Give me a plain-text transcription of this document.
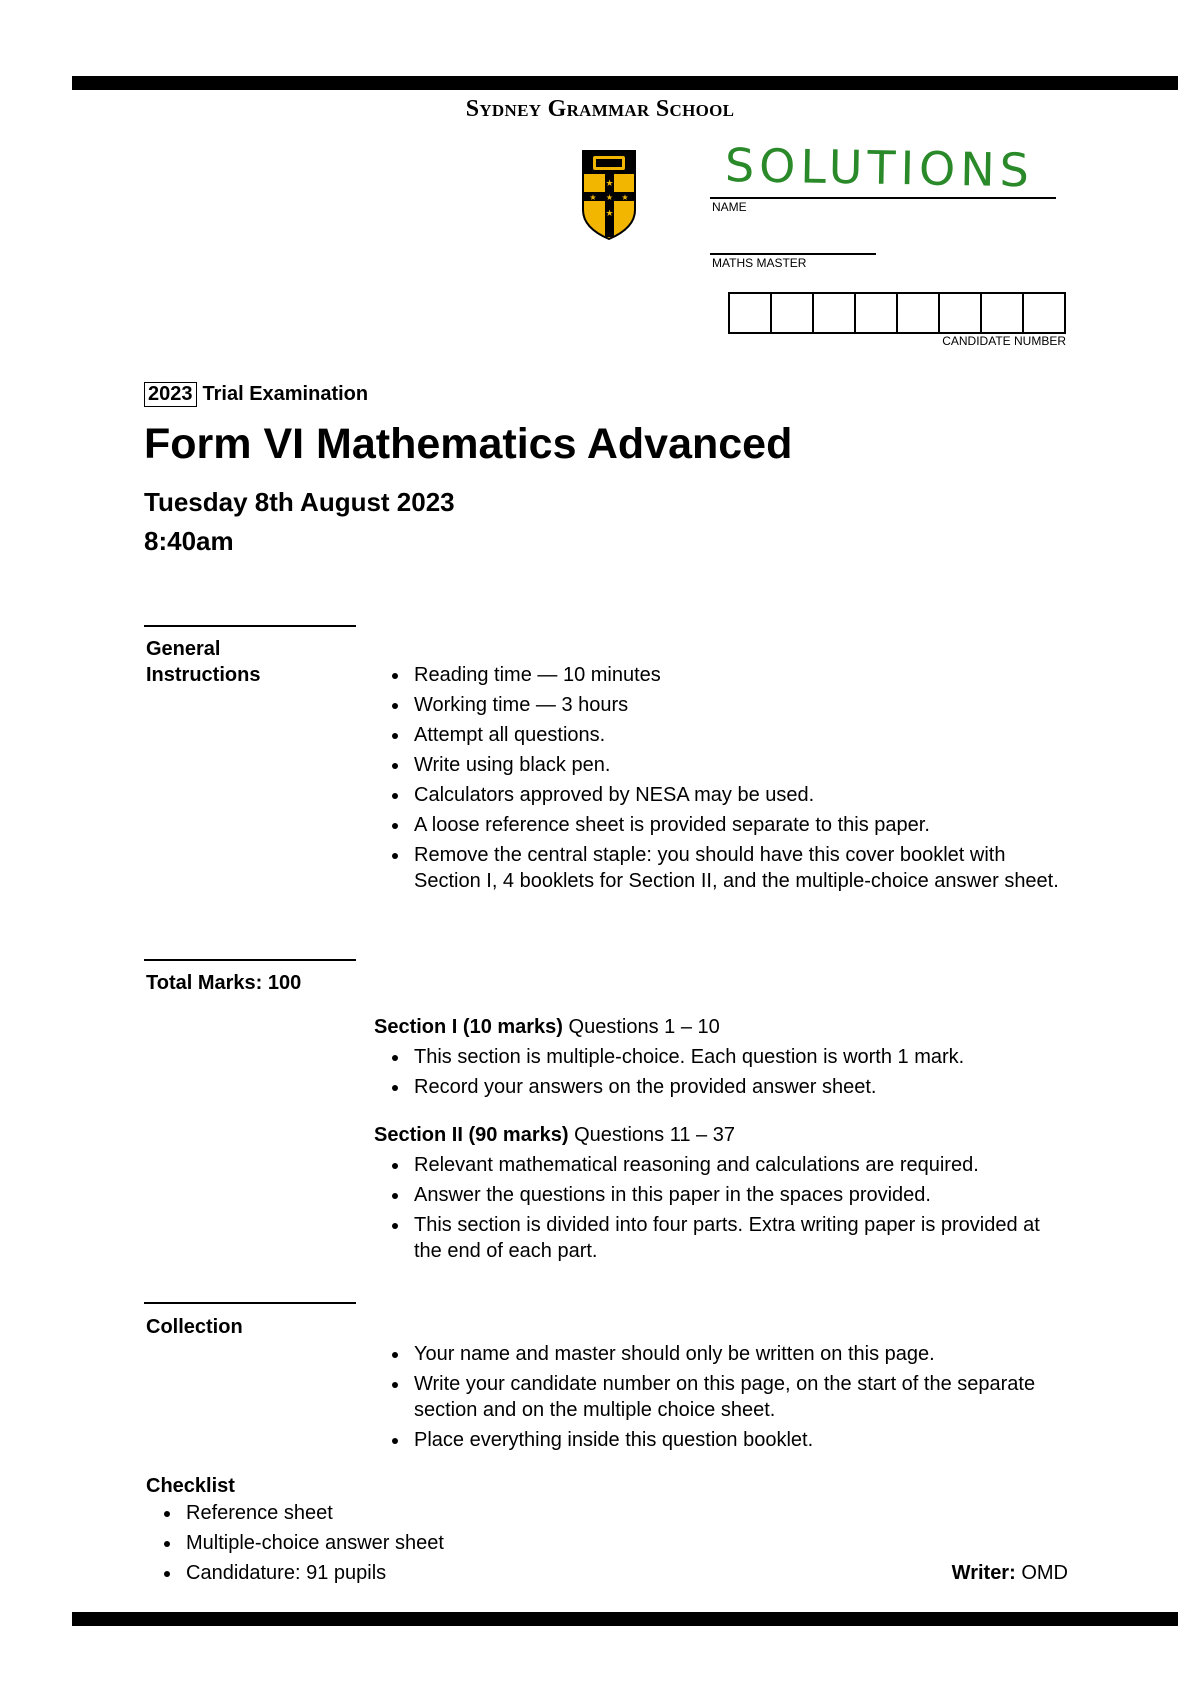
Sydney Grammar School
★
★ ★ ★
★
SOLUTIONS
NAME
MATHS MASTER
CANDIDATE NUMBER
2023 Trial Examination
Form VI Mathematics Advanced
Tuesday 8th August 2023
8:40am
General
Instructions	Reading time — 10 minutes
Working time — 3 hours
Attempt all questions.
Write using black pen.
Calculators approved by NESA may be used.
A loose reference sheet is provided separate to this paper.
Remove the central staple: you should have this cover booklet with Section I, 4 booklets for Section II, and the multiple-choice answer sheet.
Total Marks: 100
Section I (10 marks) Questions 1 – 10
This section is multiple-choice. Each question is worth 1 mark.
Record your answers on the provided answer sheet.
Section II (90 marks) Questions 11 – 37
Relevant mathematical reasoning and calculations are required.
Answer the questions in this paper in the spaces provided.
This section is divided into four parts. Extra writing paper is provided at the end of each part.
Collection
Your name and master should only be written on this page.
Write your candidate number on this page, on the start of the separate section and on the multiple choice sheet.
Place everything inside this question booklet.
Checklist
Reference sheet
Multiple-choice answer sheet
Candidature: 91 pupils	Writer: OMD
